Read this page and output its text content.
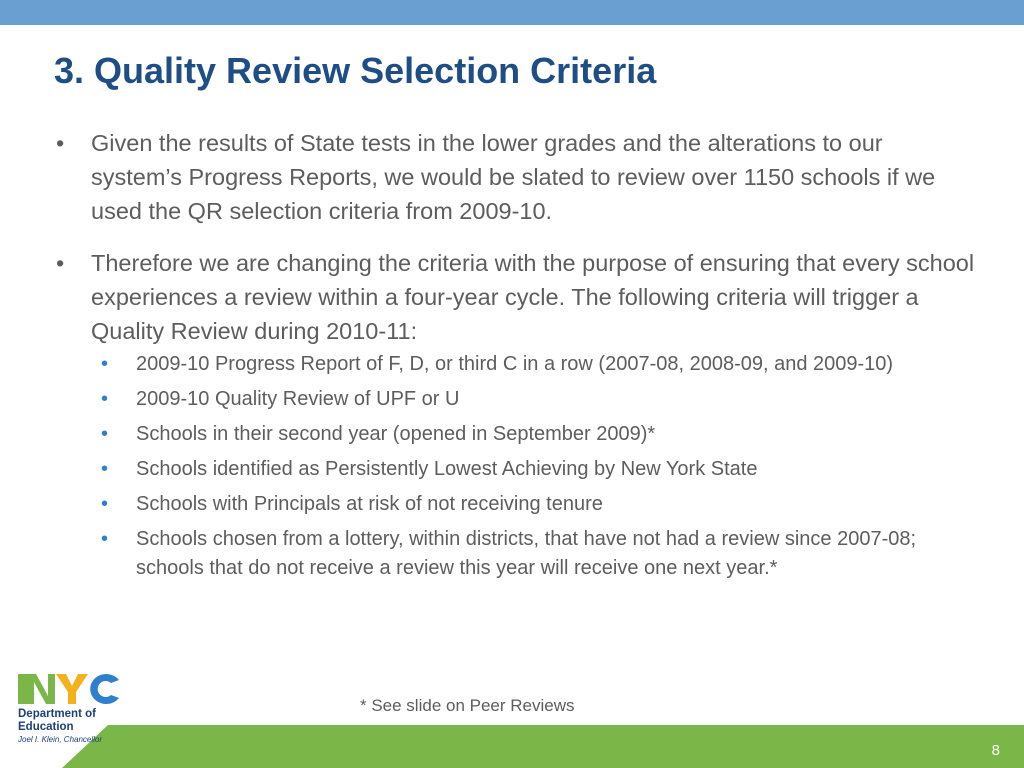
3. Quality Review Selection Criteria
• Given the results of State tests in the lower grades and the alterations to our system’s Progress Reports, we would be slated to review over 1150 schools if we used the QR selection criteria from 2009-10.
• Therefore we are changing the criteria with the purpose of ensuring that every school experiences a review within a four-year cycle. The following criteria will trigger a Quality Review during 2010-11:
• 2009-10 Progress Report of F, D, or third C in a row (2007-08, 2008-09, and 2009-10)
• 2009-10 Quality Review of UPF or U
• Schools in their second year (opened in September 2009)*
• Schools identified as Persistently Lowest Achieving by New York State
• Schools with Principals at risk of not receiving tenure
• Schools chosen from a lottery, within districts, that have not had a review since 2007-08; schools that do not receive a review this year will receive one next year.*
* See slide on Peer Reviews
8
Department of
Education
Joel I. Klein, Chancellor
